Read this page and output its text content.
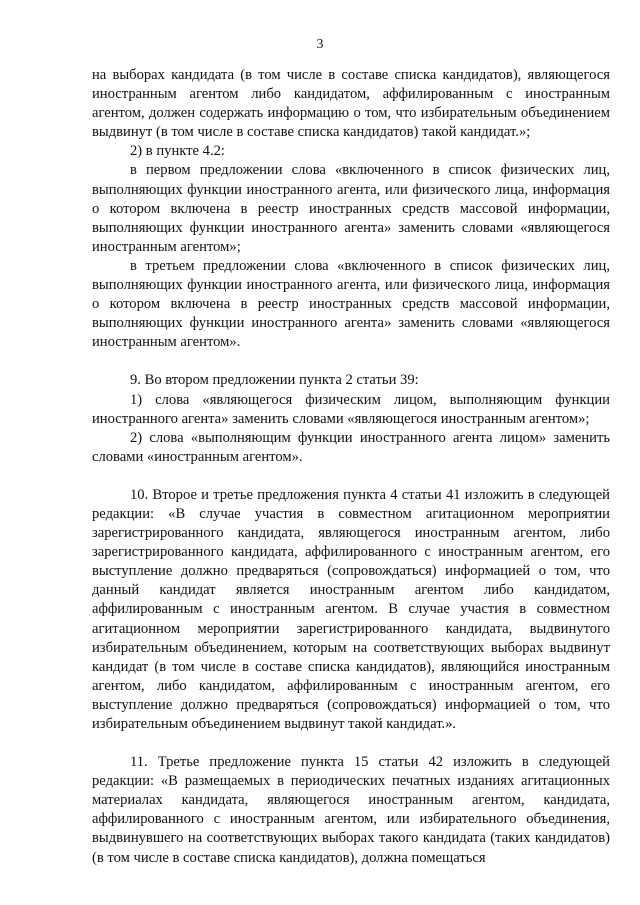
3

на выборах кандидата (в том числе в составе списка кандидатов), являющегося иностранным агентом либо кандидатом, аффилированным с иностранным агентом, должен содержать информацию о том, что избирательным объединением выдвинут (в том числе в составе списка кандидатов) такой кандидат.»;

2) в пункте 4.2:

в первом предложении слова «включенного в список физических лиц, выполняющих функции иностранного агента, или физического лица, информация о котором включена в реестр иностранных средств массовой информации, выполняющих функции иностранного агента» заменить словами «являющегося иностранным агентом»;

в третьем предложении слова «включенного в список физических лиц, выполняющих функции иностранного агента, или физического лица, информация о котором включена в реестр иностранных средств массовой информации, выполняющих функции иностранного агента» заменить словами «являющегося иностранным агентом».

9. Во втором предложении пункта 2 статьи 39:

1) слова «являющегося физическим лицом, выполняющим функции иностранного агента» заменить словами «являющегося иностранным агентом»;

2) слова «выполняющим функции иностранного агента лицом» заменить словами «иностранным агентом».

10. Второе и третье предложения пункта 4 статьи 41 изложить в следующей редакции: «В случае участия в совместном агитационном мероприятии зарегистрированного кандидата, являющегося иностранным агентом, либо зарегистрированного кандидата, аффилированного с иностранным агентом, его выступление должно предваряться (сопровождаться) информацией о том, что данный кандидат является иностранным агентом либо кандидатом, аффилированным с иностранным агентом. В случае участия в совместном агитационном мероприятии зарегистрированного кандидата, выдвинутого избирательным объединением, которым на соответствующих выборах выдвинут кандидат (в том числе в составе списка кандидатов), являющийся иностранным агентом, либо кандидатом, аффилированным с иностранным агентом, его выступление должно предваряться (сопровождаться) информацией о том, что избирательным объединением выдвинут такой кандидат.».

11. Третье предложение пункта 15 статьи 42 изложить в следующей редакции: «В размещаемых в периодических печатных изданиях агитационных материалах кандидата, являющегося иностранным агентом, кандидата, аффилированного с иностранным агентом, или избирательного объединения, выдвинувшего на соответствующих выборах такого кандидата (таких кандидатов) (в том числе в составе списка кандидатов), должна помещаться
